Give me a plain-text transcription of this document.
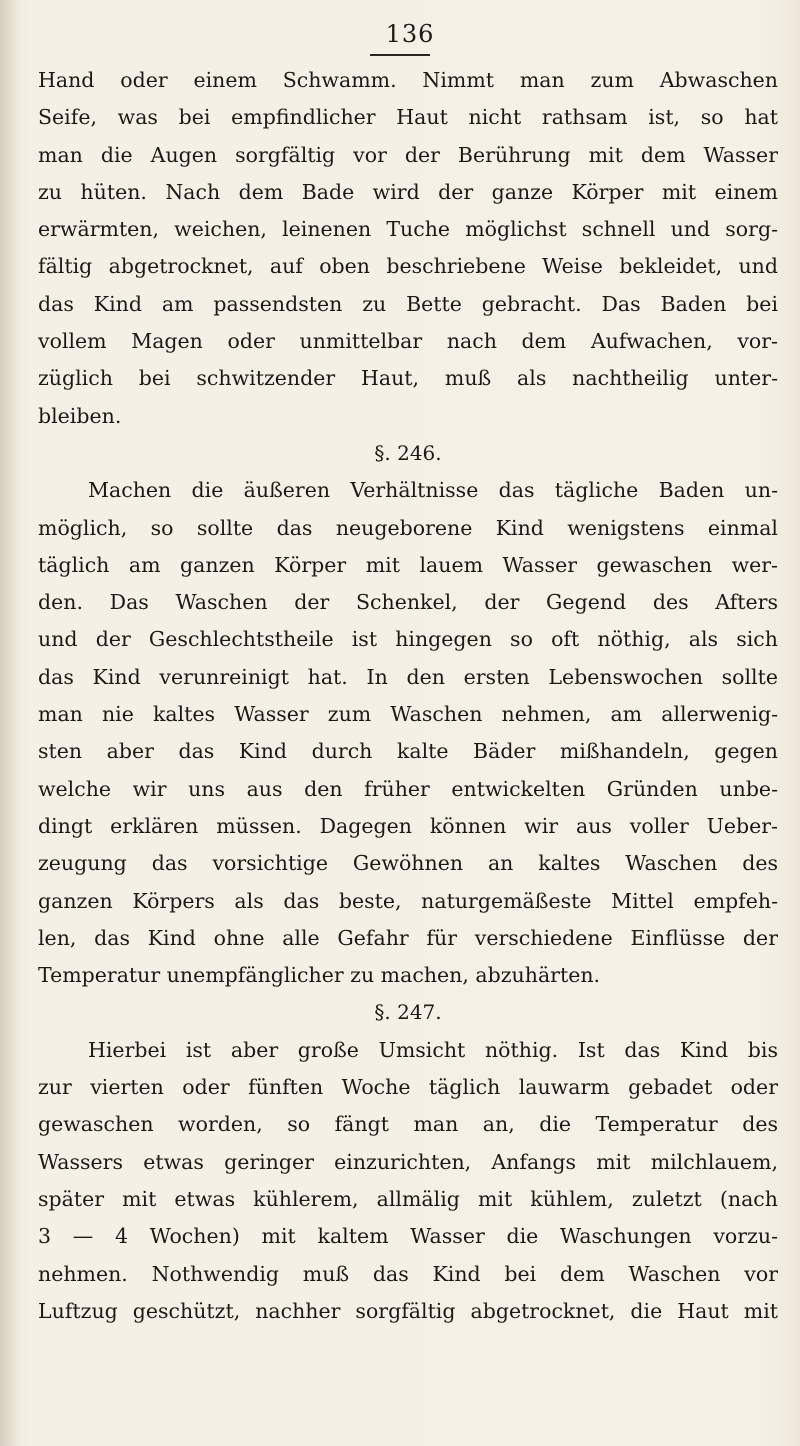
136
Hand oder einem Schwamm. Nimmt man zum Abwaschen
Seife, was bei empfindlicher Haut nicht rathsam ist, so hat
man die Augen sorgfältig vor der Berührung mit dem Wasser
zu hüten. Nach dem Bade wird der ganze Körper mit einem
erwärmten, weichen, leinenen Tuche möglichst schnell und sorg-
fältig abgetrocknet, auf oben beschriebene Weise bekleidet, und
das Kind am passendsten zu Bette gebracht. Das Baden bei
vollem Magen oder unmittelbar nach dem Aufwachen, vor-
züglich bei schwitzender Haut, muß als nachtheilig unter-
bleiben.
§. 246.
Machen die äußeren Verhältnisse das tägliche Baden un-
möglich, so sollte das neugeborene Kind wenigstens einmal
täglich am ganzen Körper mit lauem Wasser gewaschen wer-
den. Das Waschen der Schenkel, der Gegend des Afters
und der Geschlechtstheile ist hingegen so oft nöthig, als sich
das Kind verunreinigt hat. In den ersten Lebenswochen sollte
man nie kaltes Wasser zum Waschen nehmen, am allerwenig-
sten aber das Kind durch kalte Bäder mißhandeln, gegen
welche wir uns aus den früher entwickelten Gründen unbe-
dingt erklären müssen. Dagegen können wir aus voller Ueber-
zeugung das vorsichtige Gewöhnen an kaltes Waschen des
ganzen Körpers als das beste, naturgemäßeste Mittel empfeh-
len, das Kind ohne alle Gefahr für verschiedene Einflüsse der
Temperatur unempfänglicher zu machen, abzuhärten.
§. 247.
Hierbei ist aber große Umsicht nöthig. Ist das Kind bis
zur vierten oder fünften Woche täglich lauwarm gebadet oder
gewaschen worden, so fängt man an, die Temperatur des
Wassers etwas geringer einzurichten, Anfangs mit milchlauem,
später mit etwas kühlerem, allmälig mit kühlem, zuletzt (nach
3 — 4 Wochen) mit kaltem Wasser die Waschungen vorzu-
nehmen. Nothwendig muß das Kind bei dem Waschen vor
Luftzug geschützt, nachher sorgfältig abgetrocknet, die Haut mit
